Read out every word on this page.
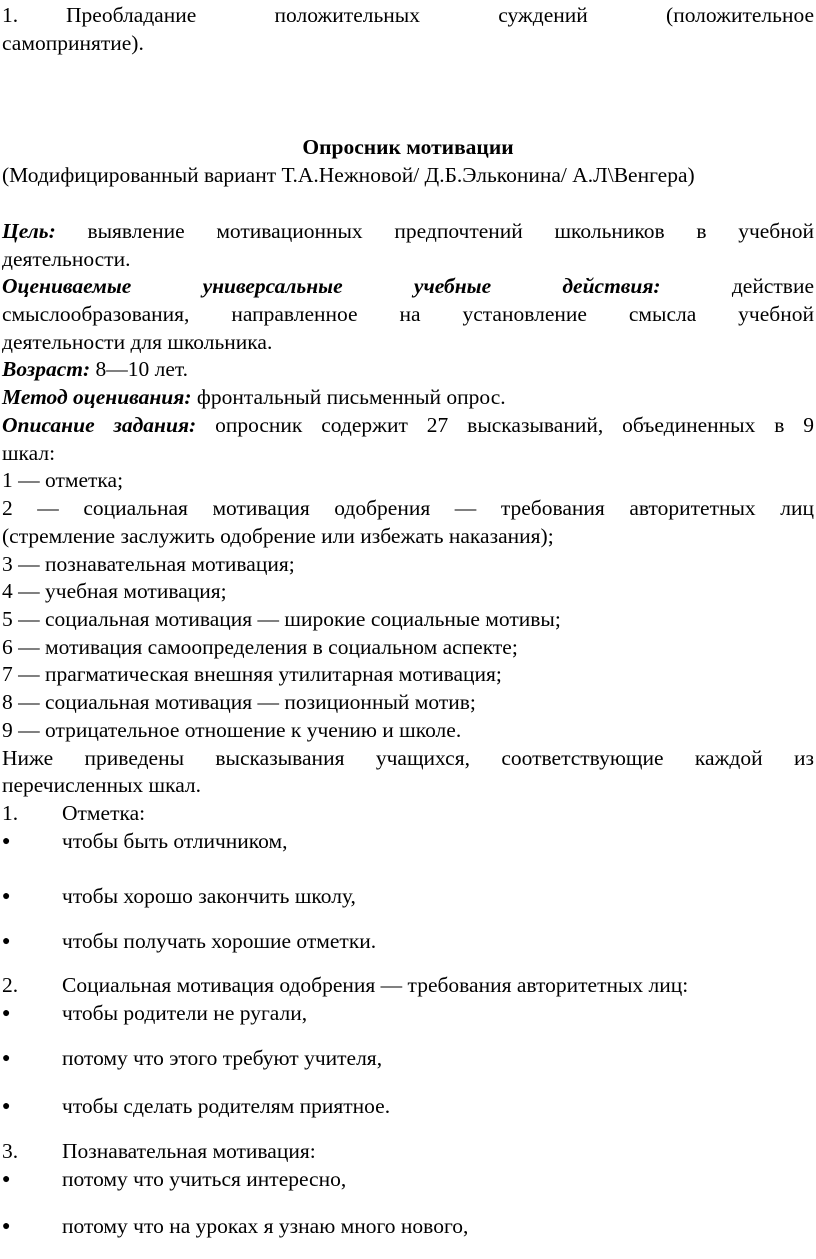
1. Преобладание положительных суждений (положительное
самопринятие).
Опросник мотивации
(Модифицированный вариант Т.А.Нежновой/ Д.Б.Эльконина/ А.Л\Венгера)
Цель: выявление мотивационных предпочтений школьников в учебной
деятельности.
Оцениваемые универсальные учебные действия: действие
смыслообразования, направленное на установление смысла учебной
деятельности для школьника.
Возраст: 8—10 лет.
Метод оценивания: фронтальный письменный опрос.
Описание задания: опросник содержит 27 высказываний, объединенных в 9
шкал:
1 — отметка;
2 — социальная мотивация одобрения — требования авторитетных лиц
(стремление заслужить одобрение или избежать наказания);
3 — познавательная мотивация;
4 — учебная мотивация;
5 — социальная мотивация — широкие социальные мотивы;
6 — мотивация самоопределения в социальном аспекте;
7 — прагматическая внешняя утилитарная мотивация;
8 — социальная мотивация — позиционный мотив;
9 — отрицательное отношение к учению и школе.
Ниже приведены высказывания учащихся, соответствующие каждой из
перечисленных шкал.
1. Отметка:
● чтобы быть отличником,
● чтобы хорошо закончить школу,
● чтобы получать хорошие отметки.
2. Социальная мотивация одобрения — требования авторитетных лиц:
● чтобы родители не ругали,
● потому что этого требуют учителя,
● чтобы сделать родителям приятное.
3. Познавательная мотивация:
● потому что учиться интересно,
● потому что на уроках я узнаю много нового,
